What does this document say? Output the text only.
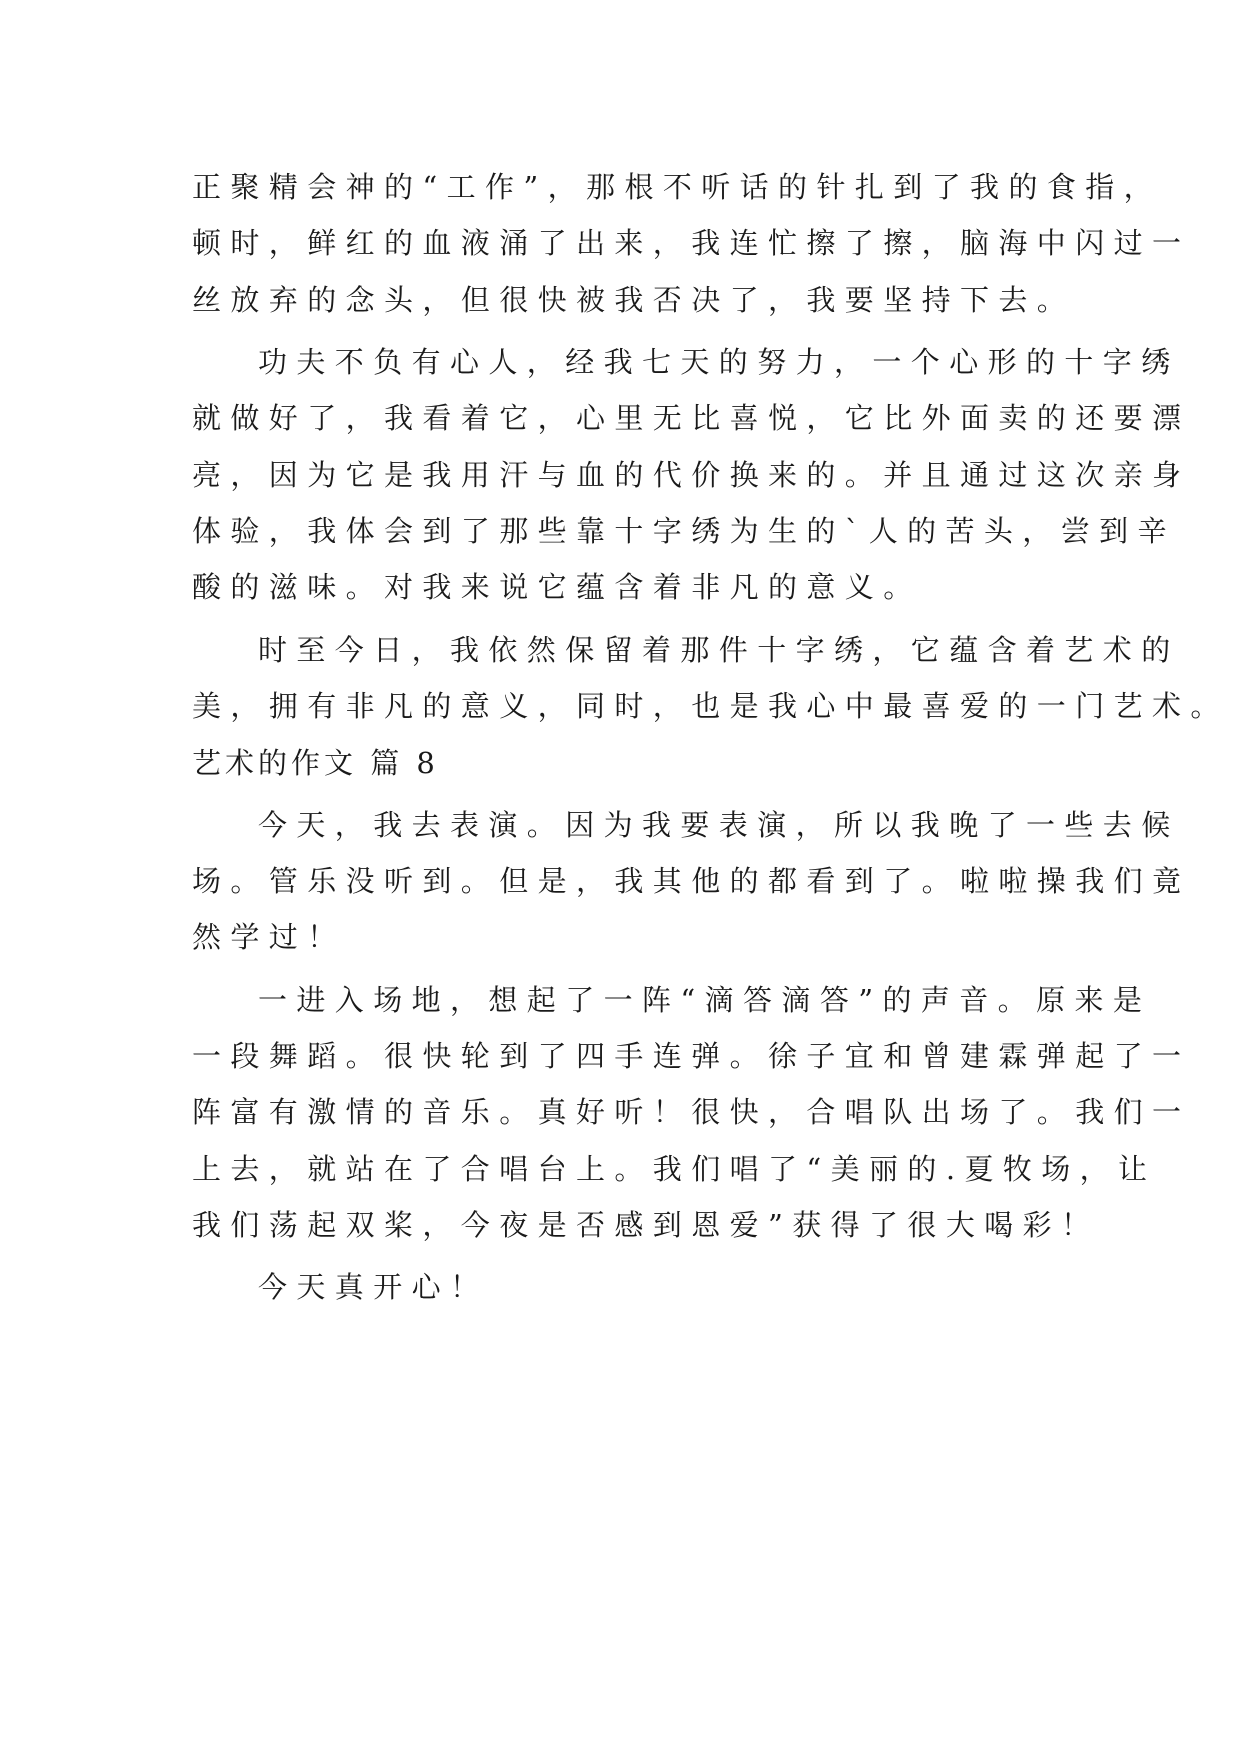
正聚精会神的“工作”，那根不听话的针扎到了我的食指，
顿时，鲜红的血液涌了出来，我连忙擦了擦，脑海中闪过一
丝放弃的念头，但很快被我否决了，我要坚持下去。
功夫不负有心人，经我七天的努力，一个心形的十字绣
就做好了，我看着它，心里无比喜悦，它比外面卖的还要漂
亮，因为它是我用汗与血的代价换来的。并且通过这次亲身
体验，我体会到了那些靠十字绣为生的`人的苦头，尝到辛
酸的滋味。对我来说它蕴含着非凡的意义。
时至今日，我依然保留着那件十字绣，它蕴含着艺术的
美，拥有非凡的意义，同时，也是我心中最喜爱的一门艺术。
艺术的作文 篇 8
今天，我去表演。因为我要表演，所以我晚了一些去候
场。管乐没听到。但是，我其他的都看到了。啦啦操我们竟
然学过！
一进入场地，想起了一阵“滴答滴答”的声音。原来是
一段舞蹈。很快轮到了四手连弹。徐子宜和曾建霖弹起了一
阵富有激情的音乐。真好听！很快，合唱队出场了。我们一
上去，就站在了合唱台上。我们唱了“美丽的.夏牧场，让
我们荡起双桨，今夜是否感到恩爱”获得了很大喝彩！
今天真开心！
